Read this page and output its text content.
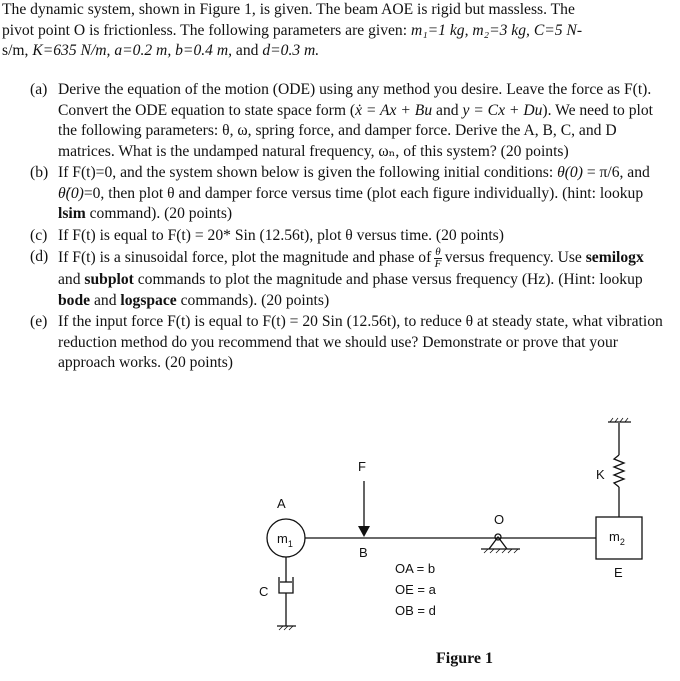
The dynamic system, shown in Figure 1, is given. The beam AOE is rigid but massless. The
pivot point O is frictionless. The following parameters are given: m₁=1 kg, m₂=3 kg, C=5 N-
s/m, K=635 N/m, a=0.2 m, b=0.4 m, and d=0.3 m.
(a) Derive the equation of the motion (ODE) using any method you desire. Leave the force as F(t). Convert the ODE equation to state space form (ẋ = Ax + Bu and y = Cx + Du). We need to plot the following parameters: θ, ω, spring force, and damper force. Derive the A, B, C, and D matrices. What is the undamped natural frequency, ωₙ, of this system? (20 points)
(b) If F(t)=0, and the system shown below is given the following initial conditions: θ(0) = π/6, and θ̇(0)=0, then plot θ and damper force versus time (plot each figure individually). (hint: lookup lsim command). (20 points)
(c) If F(t) is equal to F(t) = 20* Sin (12.56t), plot θ versus time. (20 points)
(d) If F(t) is a sinusoidal force, plot the magnitude and phase of $\frac{\theta}{F}$ versus frequency. Use semilogx and subplot commands to plot the magnitude and phase versus frequency (Hz). (Hint: lookup bode and logspace commands). (20 points)
(e) If the input force F(t) is equal to F(t) = 20 Sin (12.56t), to reduce θ at steady state, what vibration reduction method do you recommend that we should use? Demonstrate or prove that your approach works. (20 points)
F
A
$m_1$
B
O
K
$m_2$
E
C
OA = b
OE = a
OB = d
Figure 1
